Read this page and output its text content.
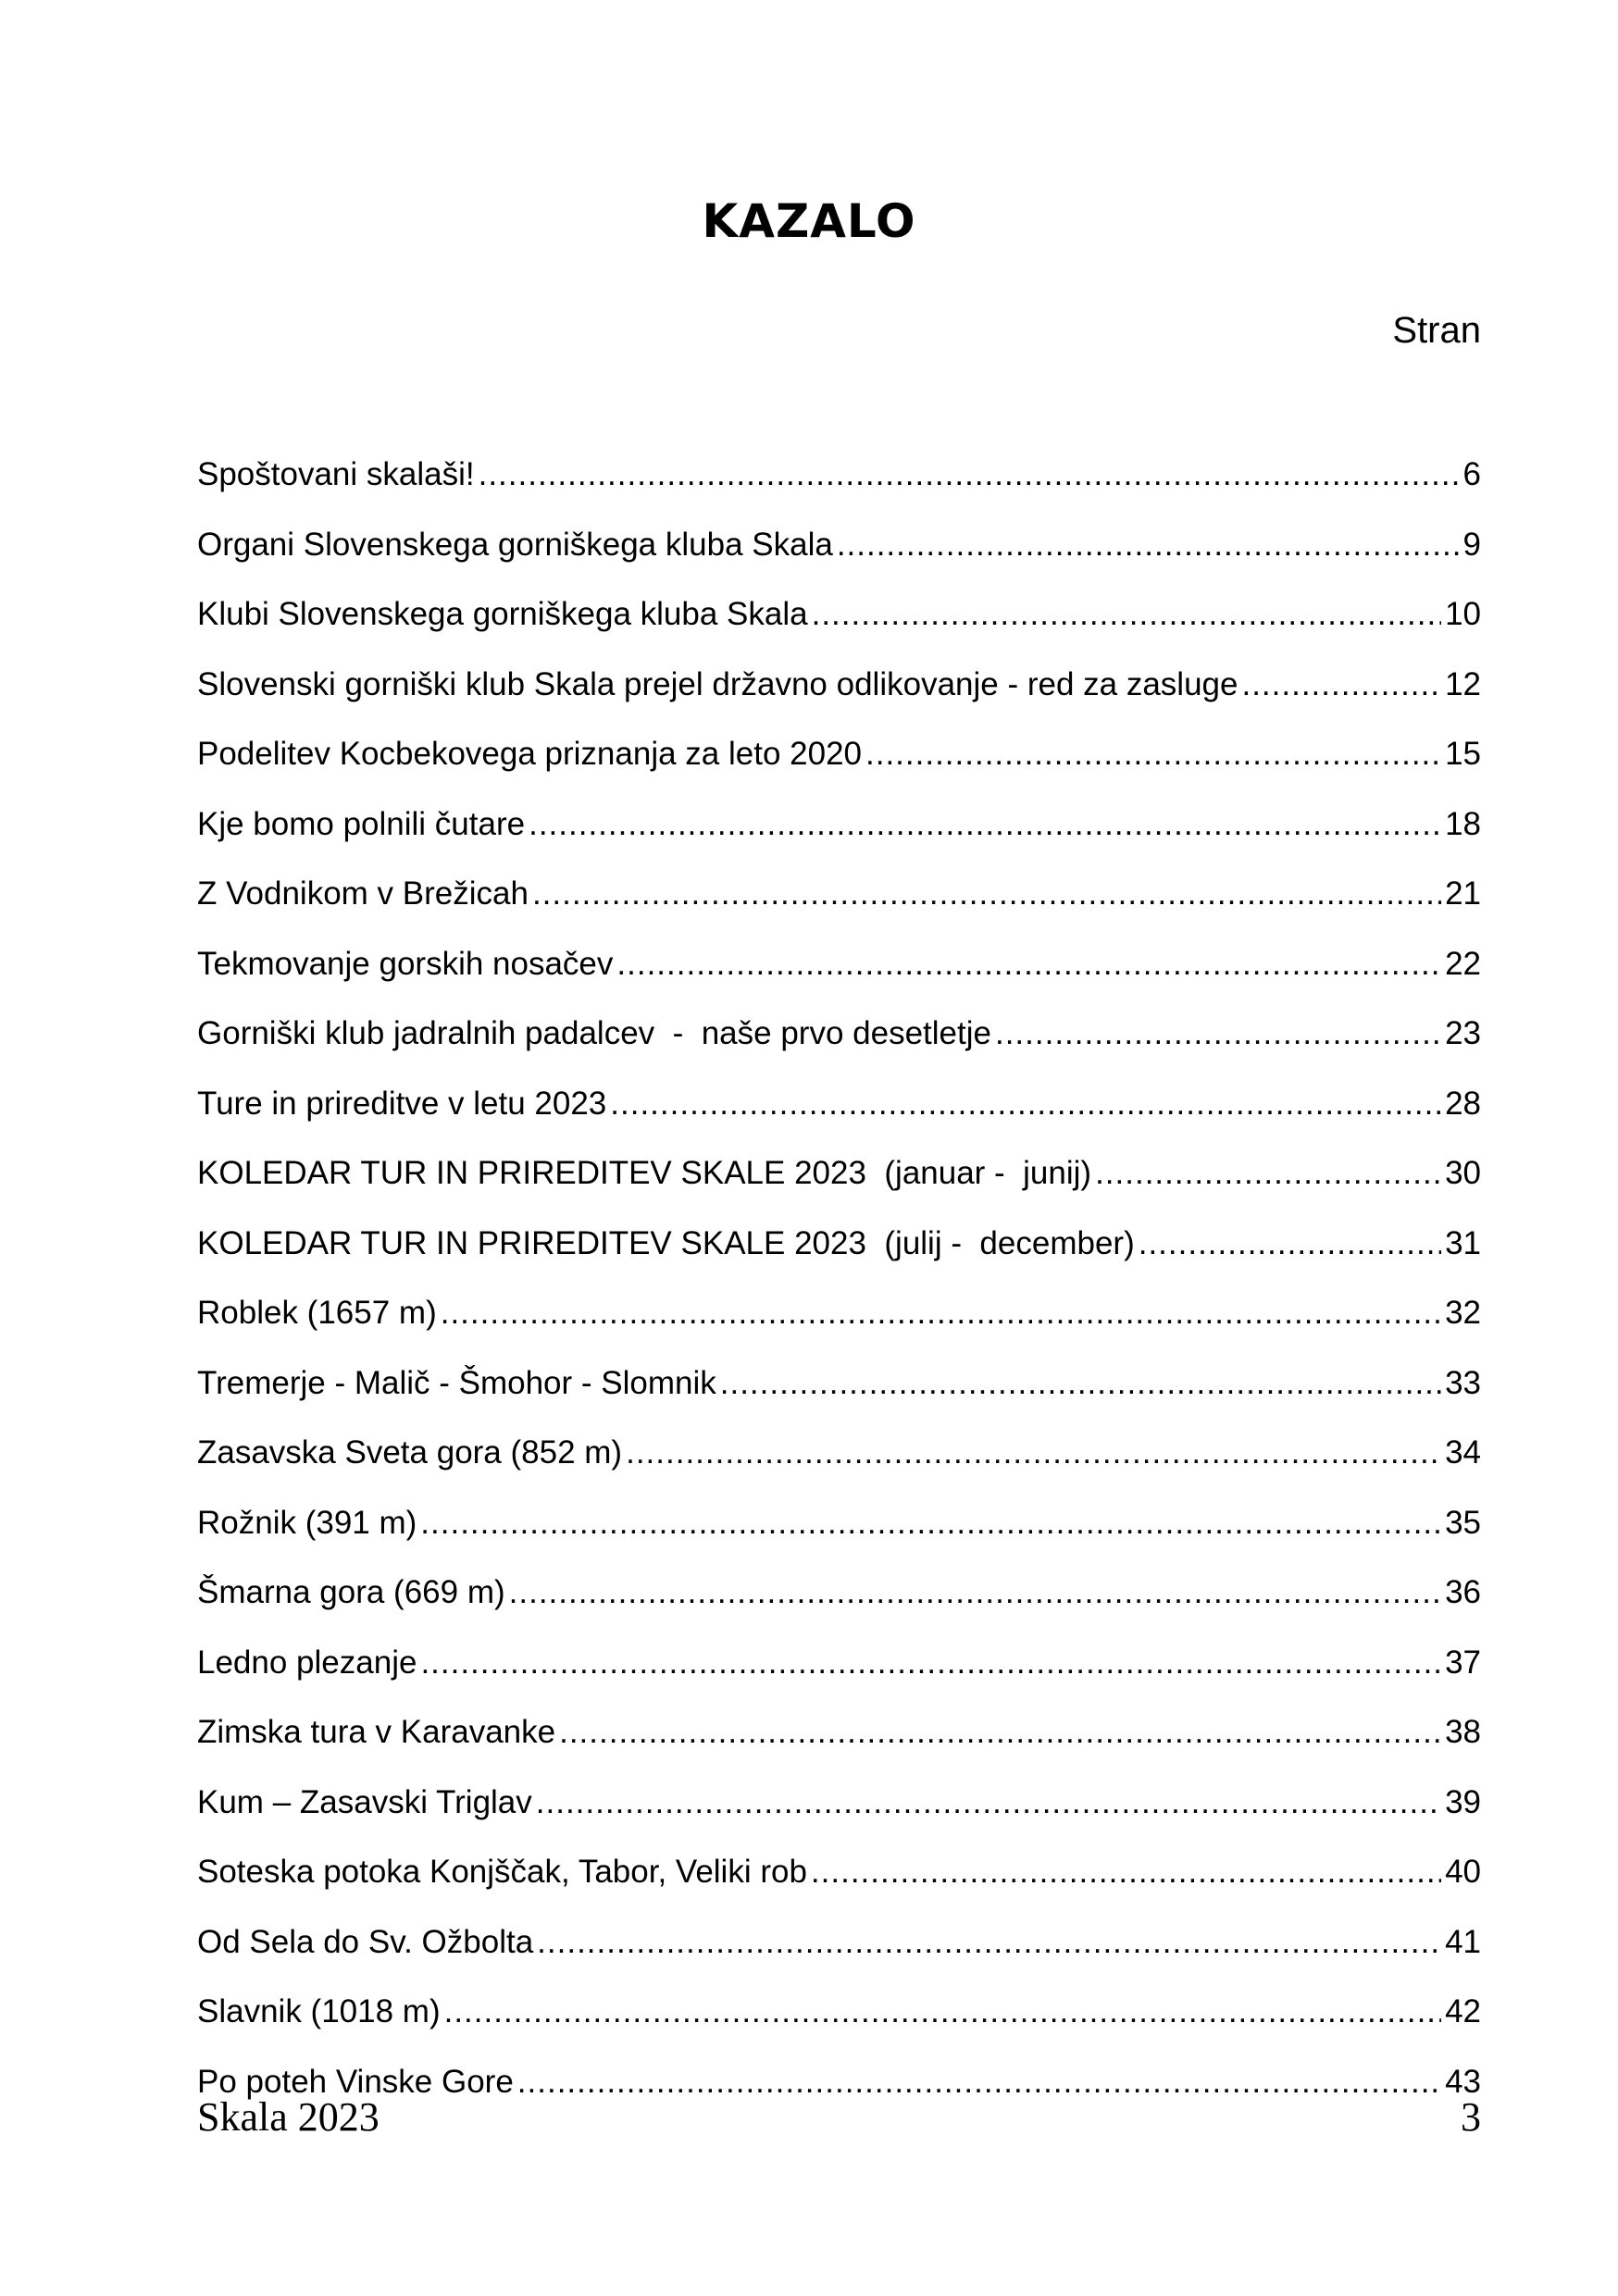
KAZALO
Stran
Spoštovani skalaši! .....	6
Organi Slovenskega gorniškega kluba Skala .....	9
Klubi Slovenskega gorniškega kluba Skala .....	10
Slovenski gorniški klub Skala prejel državno odlikovanje - red za zasluge .....	12
Podelitev Kocbekovega priznanja za leto 2020 .....	15
Kje bomo polnili čutare .....	18
Z Vodnikom v Brežicah .....	21
Tekmovanje gorskih nosačev .....	22
Gorniški klub jadralnih padalcev  -  naše prvo desetletje .....	23
Ture in prireditve v letu 2023 .....	28
KOLEDAR TUR IN PRIREDITEV SKALE 2023  (januar -  junij) .....	30
KOLEDAR TUR IN PRIREDITEV SKALE 2023  (julij -  december) .....	31
Roblek (1657 m) .....	32
Tremerje - Malič - Šmohor - Slomnik .....	33
Zasavska Sveta gora (852 m) .....	34
Rožnik (391 m) .....	35
Šmarna gora (669 m) .....	36
Ledno plezanje .....	37
Zimska tura v Karavanke .....	38
Kum – Zasavski Triglav .....	39
Soteska potoka Konjščak, Tabor, Veliki rob .....	40
Od Sela do Sv. Ožbolta .....	41
Slavnik (1018 m) .....	42
Po poteh Vinske Gore .....	43
Skala 2023	3
